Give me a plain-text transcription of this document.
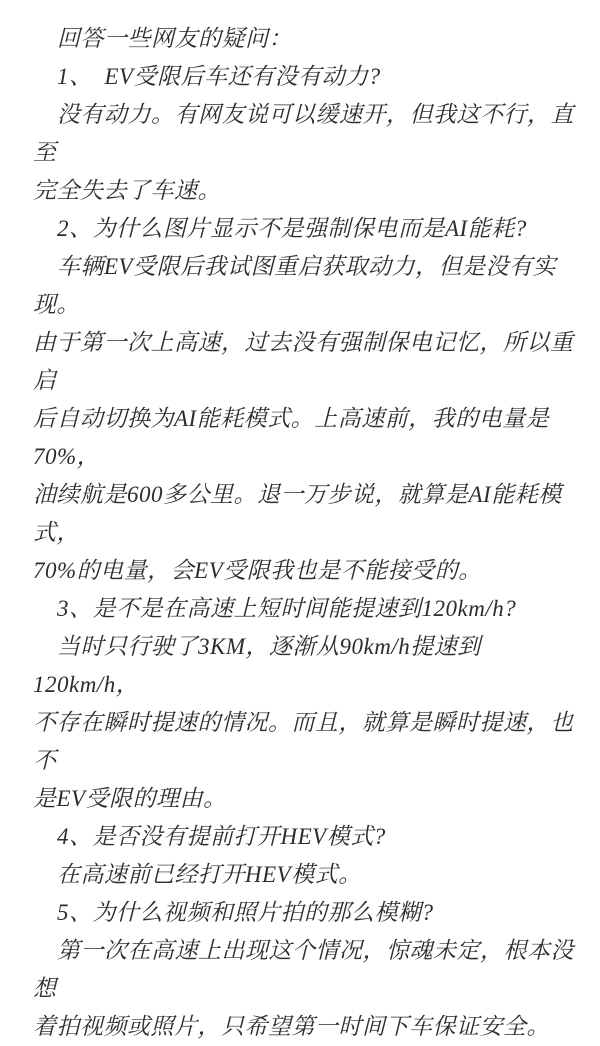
回答一些网友的疑问：
1、　EV受限后车还有没有动力?
没有动力。有网友说可以缓速开，但我这不行，直至
完全失去了车速。
2、为什么图片显示不是强制保电而是AI能耗?
车辆EV受限后我试图重启获取动力，但是没有实现。
由于第一次上高速，过去没有强制保电记忆，所以重启
后自动切换为AI能耗模式。上高速前，我的电量是70%，
油续航是600多公里。退一万步说，就算是AI能耗模式，
70%的电量，会EV受限我也是不能接受的。
3、是不是在高速上短时间能提速到120km/h?
当时只行驶了3KM，逐渐从90km/h提速到120km/h，
不存在瞬时提速的情况。而且，就算是瞬时提速，也不
是EV受限的理由。
4、是否没有提前打开HEV模式?
在高速前已经打开HEV模式。
5、为什么视频和照片拍的那么模糊?
第一次在高速上出现这个情况，惊魂未定，根本没想
着拍视频或照片，只希望第一时间下车保证安全。
